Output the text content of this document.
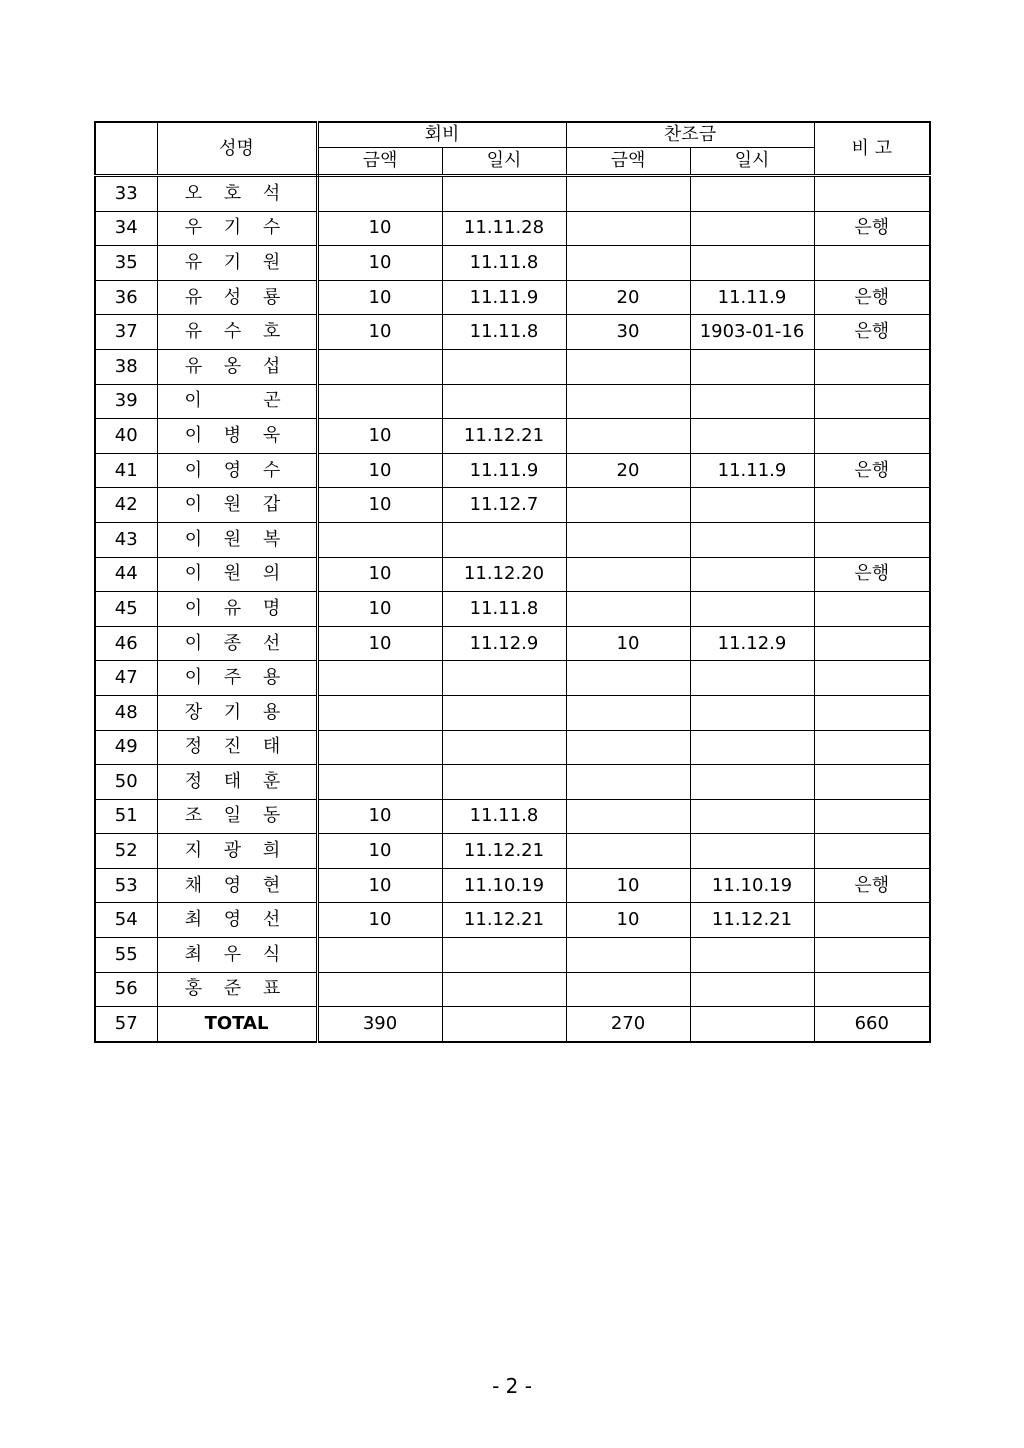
	성명	회비		찬조금		비 고
		금액	일시	금액	일시	
33	오 호 석					
34	우 기 수	10	11.11.28			은행
35	유 기 원	10	11.11.8			
36	유 성 룡	10	11.11.9	20	11.11.9	은행
37	유 수 호	10	11.11.8	30	1903-01-16	은행
38	유 옹 섭					
39	이 　 곤					
40	이 병 욱	10	11.12.21			
41	이 영 수	10	11.11.9	20	11.11.9	은행
42	이 원 갑	10	11.12.7			
43	이 원 복					
44	이 원 의	10	11.12.20			은행
45	이 유 명	10	11.11.8			
46	이 종 선	10	11.12.9	10	11.12.9	
47	이 주 용					
48	장 기 용					
49	정 진 태					
50	정 태 훈					
51	조 일 동	10	11.11.8			
52	지 광 희	10	11.12.21			
53	채 영 현	10	11.10.19	10	11.10.19	은행
54	최 영 선	10	11.12.21	10	11.12.21	
55	최 우 식					
56	홍 준 표					
57	TOTAL	390		270		660
- 2 -
